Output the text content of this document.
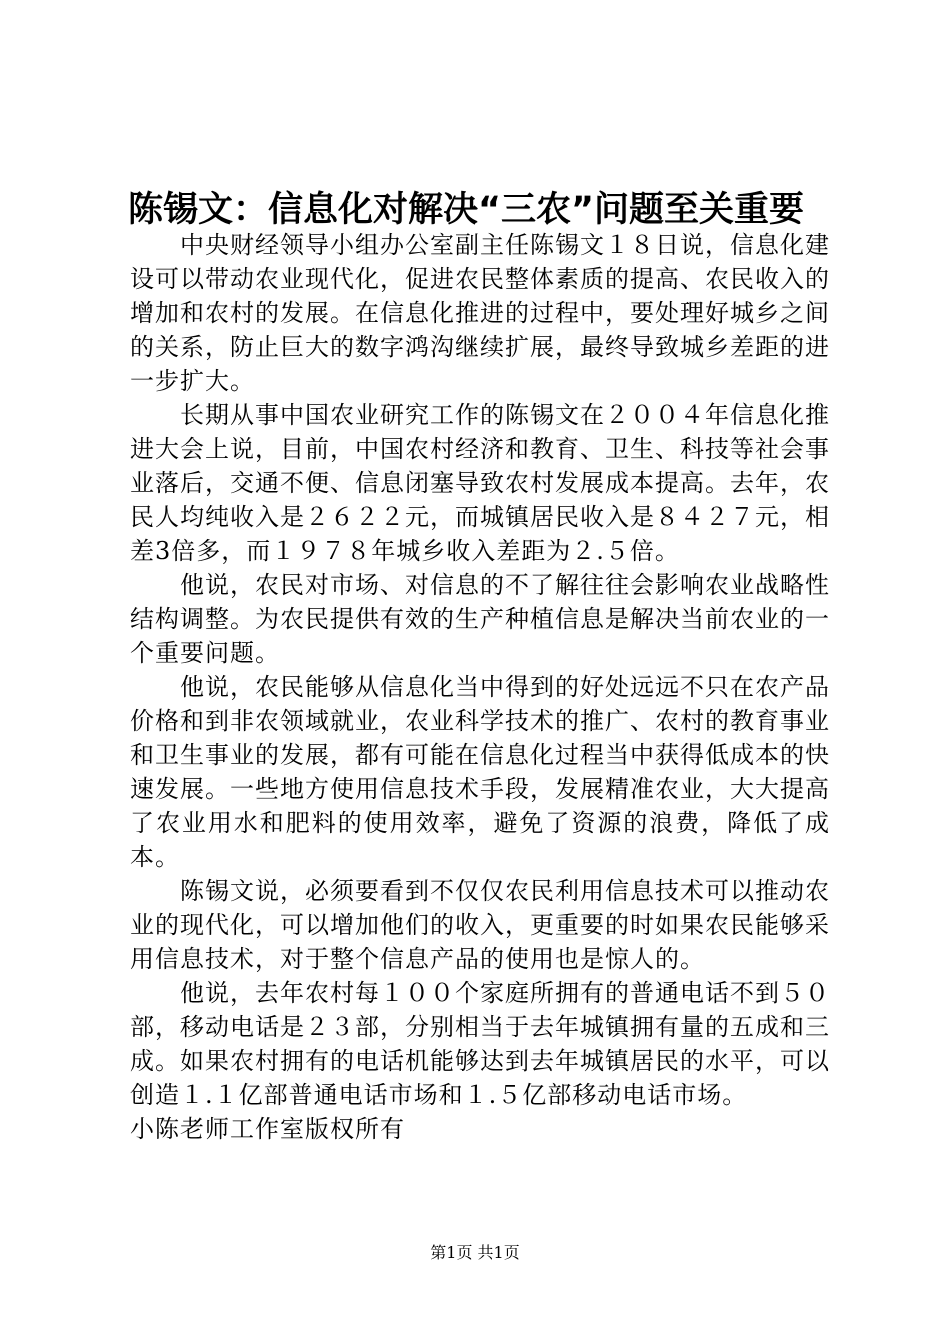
陈锡文：信息化对解决“三农”问题至关重要

中央财经领导小组办公室副主任陈锡文１８日说，信息化建设可以带动农业现代化，促进农民整体素质的提高、农民收入的增加和农村的发展。在信息化推进的过程中，要处理好城乡之间的关系，防止巨大的数字鸿沟继续扩展，最终导致城乡差距的进一步扩大。

长期从事中国农业研究工作的陈锡文在２００４年信息化推进大会上说，目前，中国农村经济和教育、卫生、科技等社会事业落后，交通不便、信息闭塞导致农村发展成本提高。去年，农民人均纯收入是２６２２元，而城镇居民收入是８４２７元，相差3倍多，而１９７８年城乡收入差距为２.５倍。

他说，农民对市场、对信息的不了解往往会影响农业战略性结构调整。为农民提供有效的生产种植信息是解决当前农业的一个重要问题。

他说，农民能够从信息化当中得到的好处远远不只在农产品价格和到非农领域就业，农业科学技术的推广、农村的教育事业和卫生事业的发展，都有可能在信息化过程当中获得低成本的快速发展。一些地方使用信息技术手段，发展精准农业，大大提高了农业用水和肥料的使用效率，避免了资源的浪费，降低了成本。

陈锡文说，必须要看到不仅仅农民利用信息技术可以推动农业的现代化，可以增加他们的收入，更重要的时如果农民能够采用信息技术，对于整个信息产品的使用也是惊人的。

他说，去年农村每１００个家庭所拥有的普通电话不到５０部，移动电话是２３部，分别相当于去年城镇拥有量的五成和三成。如果农村拥有的电话机能够达到去年城镇居民的水平，可以创造１.１亿部普通电话市场和１.５亿部移动电话市场。

小陈老师工作室版权所有

第1页 共1页
